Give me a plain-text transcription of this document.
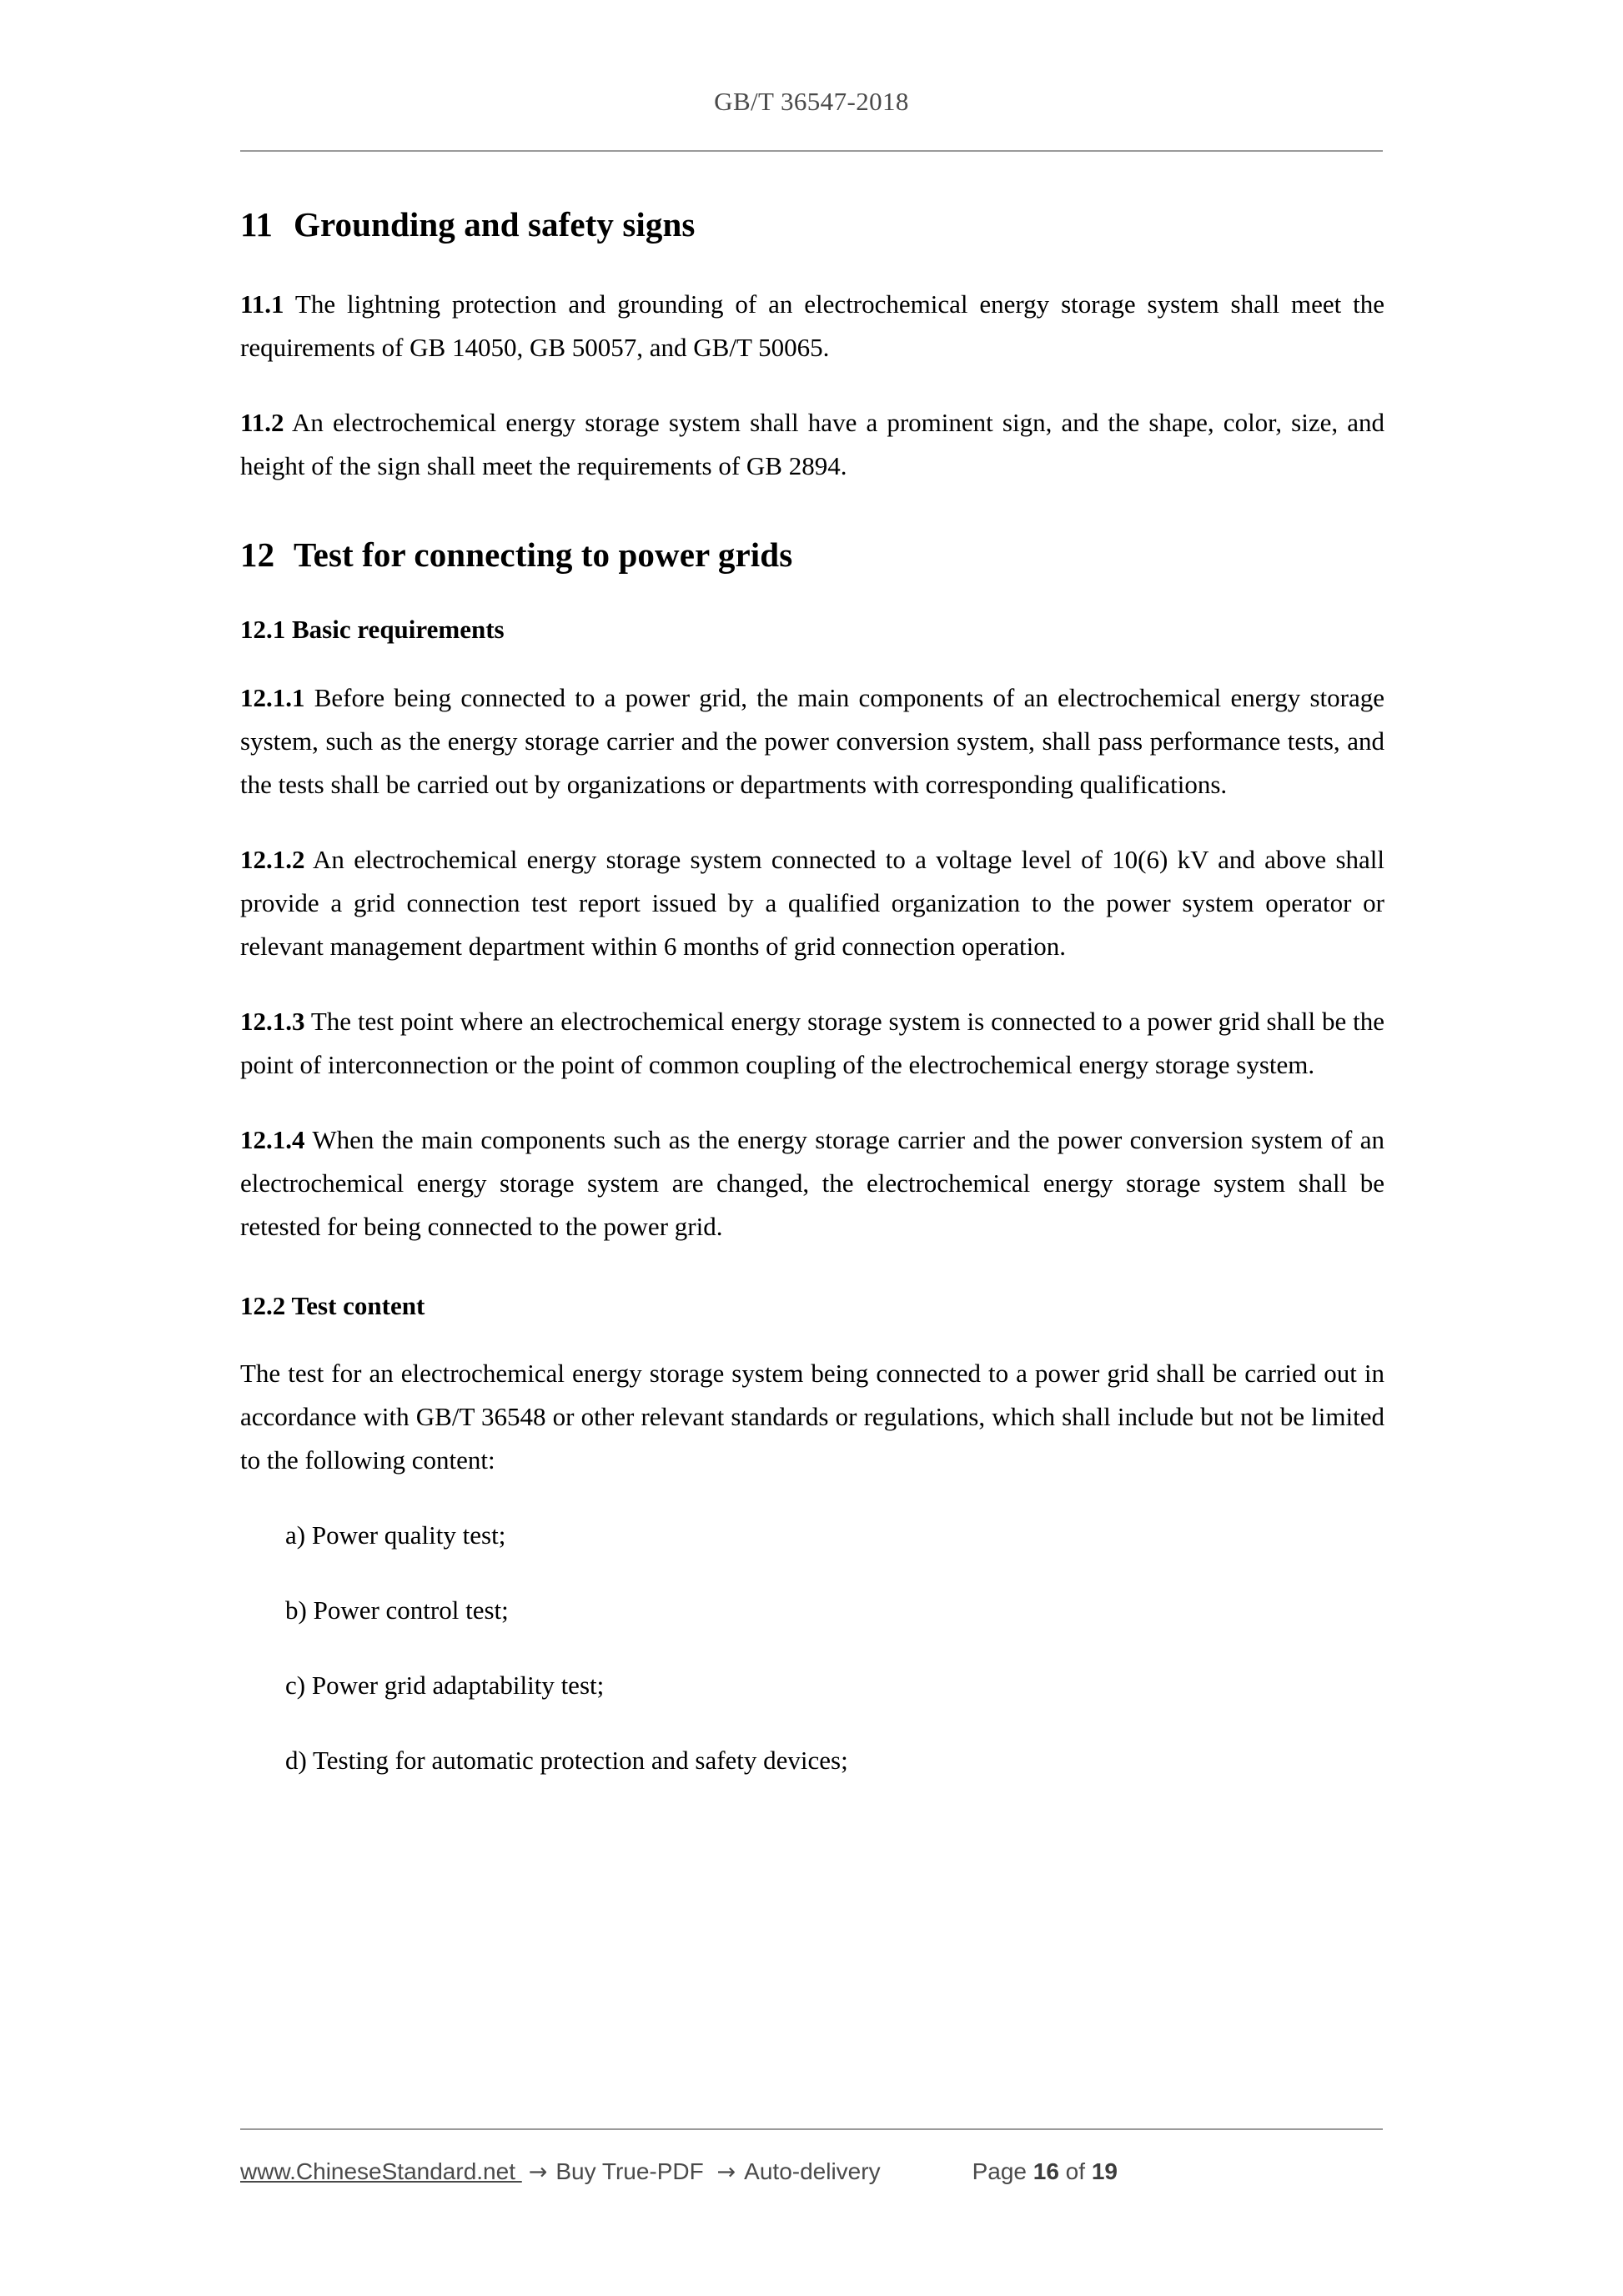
GB/T 36547-2018
11 Grounding and safety signs

11.1 The lightning protection and grounding of an electrochemical energy storage system shall meet the requirements of GB 14050, GB 50057, and GB/T 50065.

11.2 An electrochemical energy storage system shall have a prominent sign, and the shape, color, size, and height of the sign shall meet the requirements of GB 2894.

12 Test for connecting to power grids
12.1 Basic requirements

12.1.1 Before being connected to a power grid, the main components of an electrochemical energy storage system, such as the energy storage carrier and the power conversion system, shall pass performance tests, and the tests shall be carried out by organizations or departments with corresponding qualifications.

12.1.2 An electrochemical energy storage system connected to a voltage level of 10(6) kV and above shall provide a grid connection test report issued by a qualified organization to the power system operator or relevant management department within 6 months of grid connection operation.

12.1.3 The test point where an electrochemical energy storage system is connected to a power grid shall be the point of interconnection or the point of common coupling of the electrochemical energy storage system.

12.1.4 When the main components such as the energy storage carrier and the power conversion system of an electrochemical energy storage system are changed, the electrochemical energy storage system shall be retested for being connected to the power grid.

12.2 Test content

The test for an electrochemical energy storage system being connected to a power grid shall be carried out in accordance with GB/T 36548 or other relevant standards or regulations, which shall include but not be limited to the following content:

a) Power quality test;

b) Power control test;

c) Power grid adaptability test;

d) Testing for automatic protection and safety devices;

www.ChineseStandard.net → Buy True-PDF → Auto-delivery	Page 16 of 19
